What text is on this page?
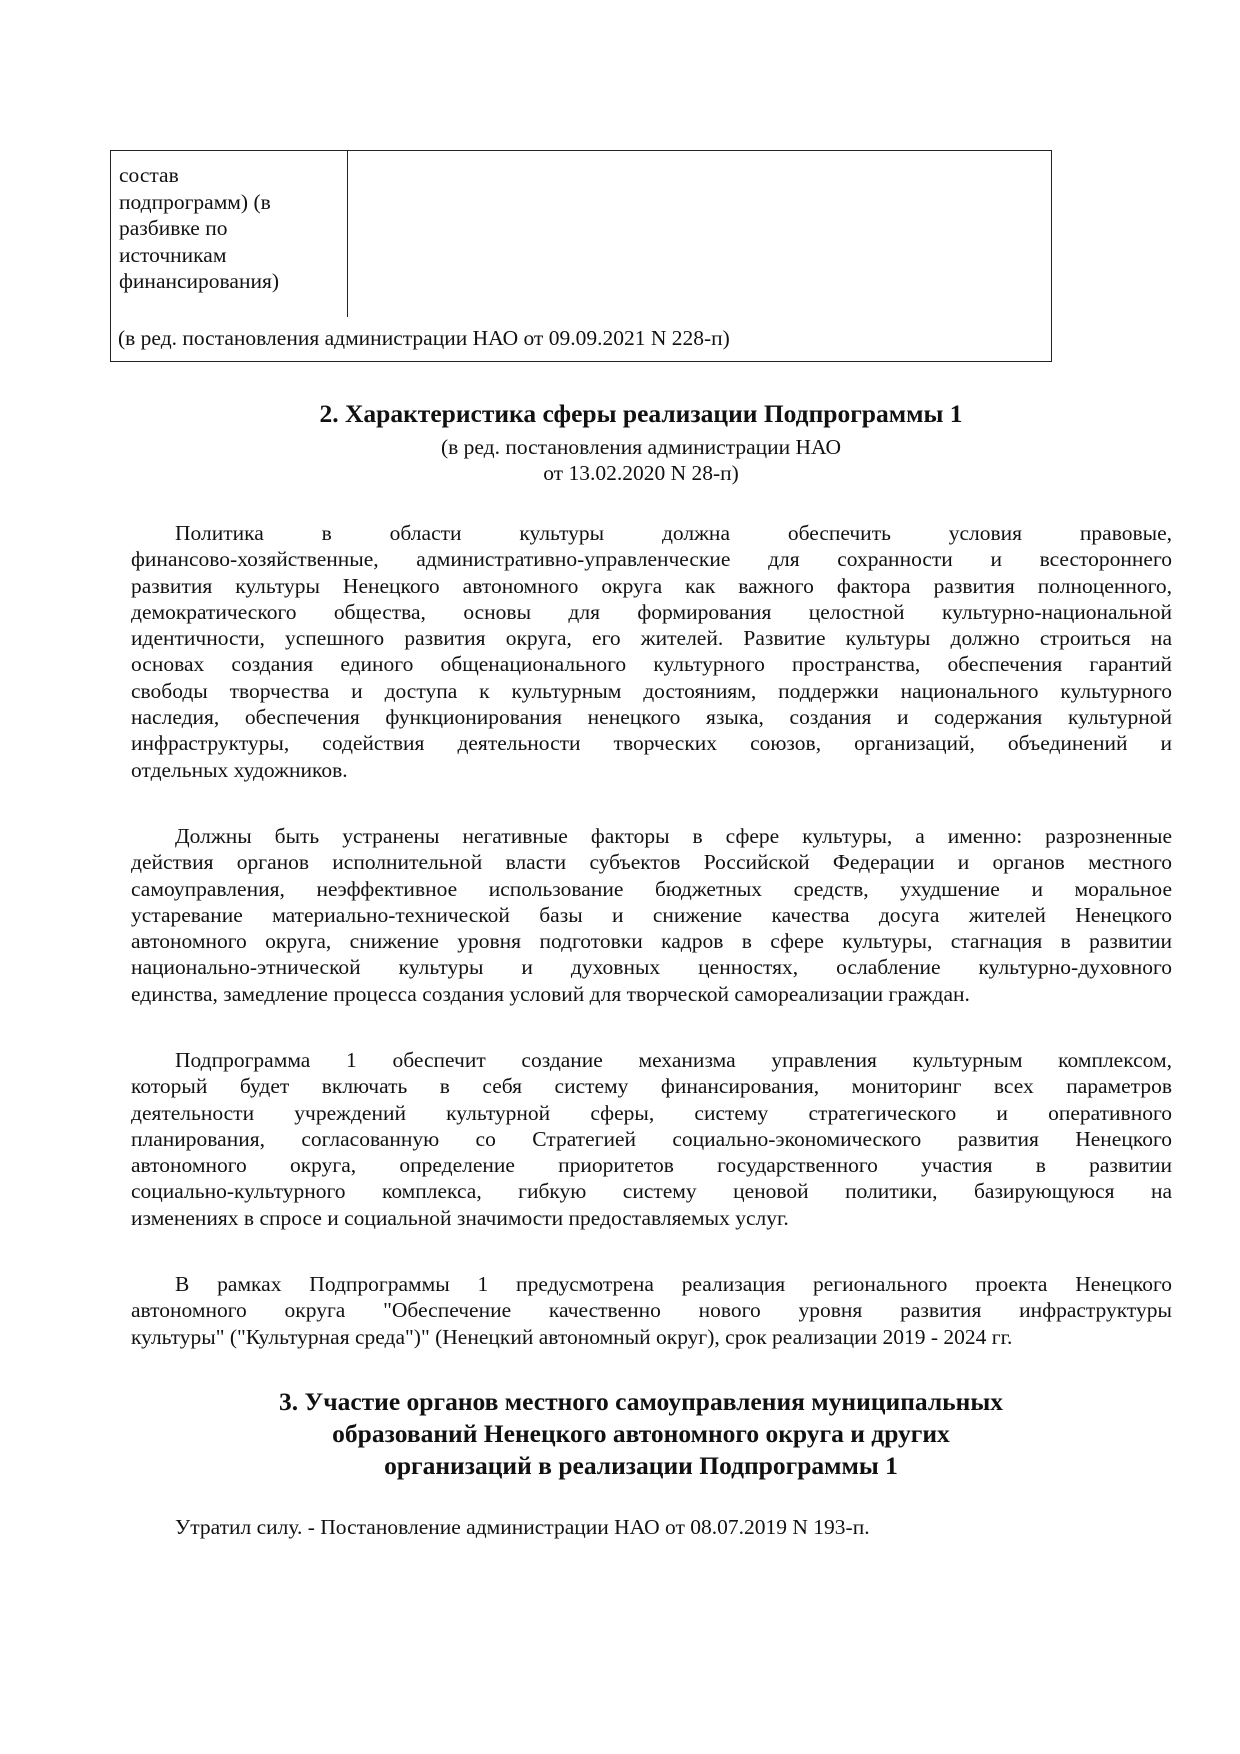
состав
подпрограмм) (в
разбивке по
источникам
финансирования)
(в ред. постановления администрации НАО от 09.09.2021 N 228-п)
2. Характеристика сферы реализации Подпрограммы 1
(в ред. постановления администрации НАО
от 13.02.2020 N 28-п)
Политика в области культуры должна обеспечить условия правовые,
финансово-хозяйственные, административно-управленческие для сохранности и всестороннего
развития культуры Ненецкого автономного округа как важного фактора развития полноценного,
демократического общества, основы для формирования целостной культурно-национальной
идентичности, успешного развития округа, его жителей. Развитие культуры должно строиться на
основах создания единого общенационального культурного пространства, обеспечения гарантий
свободы творчества и доступа к культурным достояниям, поддержки национального культурного
наследия, обеспечения функционирования ненецкого языка, создания и содержания культурной
инфраструктуры, содействия деятельности творческих союзов, организаций, объединений и
отдельных художников.
Должны быть устранены негативные факторы в сфере культуры, а именно: разрозненные
действия органов исполнительной власти субъектов Российской Федерации и органов местного
самоуправления, неэффективное использование бюджетных средств, ухудшение и моральное
устаревание материально-технической базы и снижение качества досуга жителей Ненецкого
автономного округа, снижение уровня подготовки кадров в сфере культуры, стагнация в развитии
национально-этнической культуры и духовных ценностях, ослабление культурно-духовного
единства, замедление процесса создания условий для творческой самореализации граждан.
Подпрограмма 1 обеспечит создание механизма управления культурным комплексом,
который будет включать в себя систему финансирования, мониторинг всех параметров
деятельности учреждений культурной сферы, систему стратегического и оперативного
планирования, согласованную со Стратегией социально-экономического развития Ненецкого
автономного округа, определение приоритетов государственного участия в развитии
социально-культурного комплекса, гибкую систему ценовой политики, базирующуюся на
изменениях в спросе и социальной значимости предоставляемых услуг.
В рамках Подпрограммы 1 предусмотрена реализация регионального проекта Ненецкого
автономного округа "Обеспечение качественно нового уровня развития инфраструктуры
культуры" ("Культурная среда")" (Ненецкий автономный округ), срок реализации 2019 - 2024 гг.
3. Участие органов местного самоуправления муниципальных
образований Ненецкого автономного округа и других
организаций в реализации Подпрограммы 1
Утратил силу. - Постановление администрации НАО от 08.07.2019 N 193-п.
